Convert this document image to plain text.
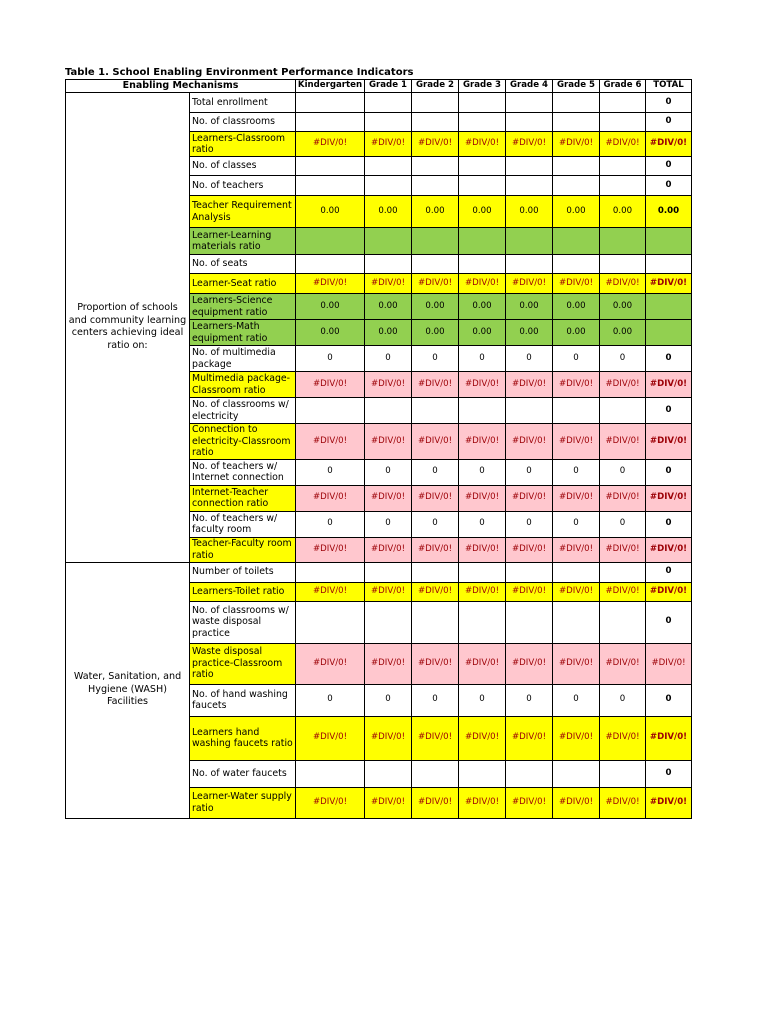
Table 1. School Enabling Environment Performance Indicators
Enabling Mechanisms		Kindergarten	Grade 1	Grade 2	Grade 3	Grade 4	Grade 5	Grade 6	TOTAL
Proportion of schools and community learning centers achieving ideal ratio on:	Total enrollment								0
	No. of classrooms								0
	Learners-Classroom ratio	#DIV/0!	#DIV/0!	#DIV/0!	#DIV/0!	#DIV/0!	#DIV/0!	#DIV/0!	#DIV/0!
	No. of classes								0
	No. of teachers								0
	Teacher Requirement Analysis	0.00	0.00	0.00	0.00	0.00	0.00	0.00	0.00
	Learner-Learning materials ratio								
	No. of seats								
	Learner-Seat ratio	#DIV/0!	#DIV/0!	#DIV/0!	#DIV/0!	#DIV/0!	#DIV/0!	#DIV/0!	#DIV/0!
	Learners-Science equipment ratio	0.00	0.00	0.00	0.00	0.00	0.00	0.00	
	Learners-Math equipment ratio	0.00	0.00	0.00	0.00	0.00	0.00	0.00	
	No. of multimedia package	0	0	0	0	0	0	0	0
	Multimedia package-Classroom ratio	#DIV/0!	#DIV/0!	#DIV/0!	#DIV/0!	#DIV/0!	#DIV/0!	#DIV/0!	#DIV/0!
	No. of classrooms w/ electricity								0
	Connection to electricity-Classroom ratio	#DIV/0!	#DIV/0!	#DIV/0!	#DIV/0!	#DIV/0!	#DIV/0!	#DIV/0!	#DIV/0!
	No. of teachers w/ Internet connection	0	0	0	0	0	0	0	0
	Internet-Teacher connection ratio	#DIV/0!	#DIV/0!	#DIV/0!	#DIV/0!	#DIV/0!	#DIV/0!	#DIV/0!	#DIV/0!
	No. of teachers w/ faculty room	0	0	0	0	0	0	0	0
	Teacher-Faculty room ratio	#DIV/0!	#DIV/0!	#DIV/0!	#DIV/0!	#DIV/0!	#DIV/0!	#DIV/0!	#DIV/0!
Water, Sanitation, and Hygiene (WASH) Facilities	Number of toilets								0
	Learners-Toilet ratio	#DIV/0!	#DIV/0!	#DIV/0!	#DIV/0!	#DIV/0!	#DIV/0!	#DIV/0!	#DIV/0!
	No. of classrooms w/ waste disposal practice								0
	Waste disposal practice-Classroom ratio	#DIV/0!	#DIV/0!	#DIV/0!	#DIV/0!	#DIV/0!	#DIV/0!	#DIV/0!	#DIV/0!
	No. of hand washing faucets	0	0	0	0	0	0	0	0
	Learners hand washing faucets ratio	#DIV/0!	#DIV/0!	#DIV/0!	#DIV/0!	#DIV/0!	#DIV/0!	#DIV/0!	#DIV/0!
	No. of water faucets								0
	Learner-Water supply ratio	#DIV/0!	#DIV/0!	#DIV/0!	#DIV/0!	#DIV/0!	#DIV/0!	#DIV/0!	#DIV/0!
